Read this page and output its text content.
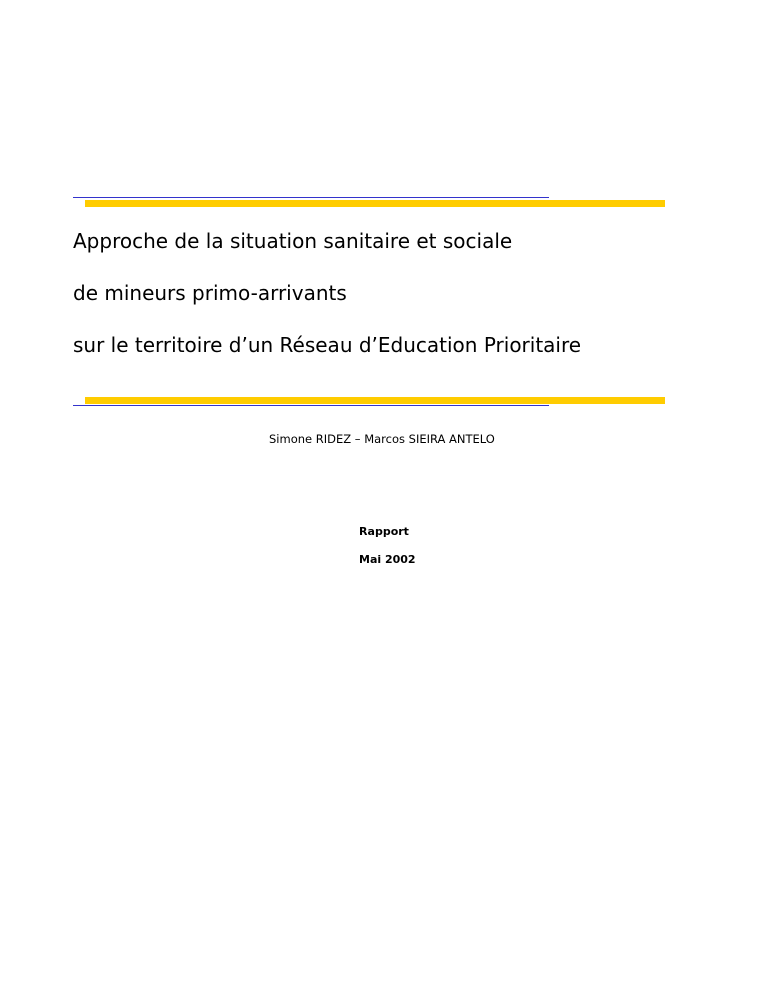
Approche de la situation sanitaire et sociale
de mineurs primo-arrivants
sur le territoire d’un Réseau d’Education Prioritaire
Simone RIDEZ – Marcos SIEIRA ANTELO
Rapport
Mai 2002
